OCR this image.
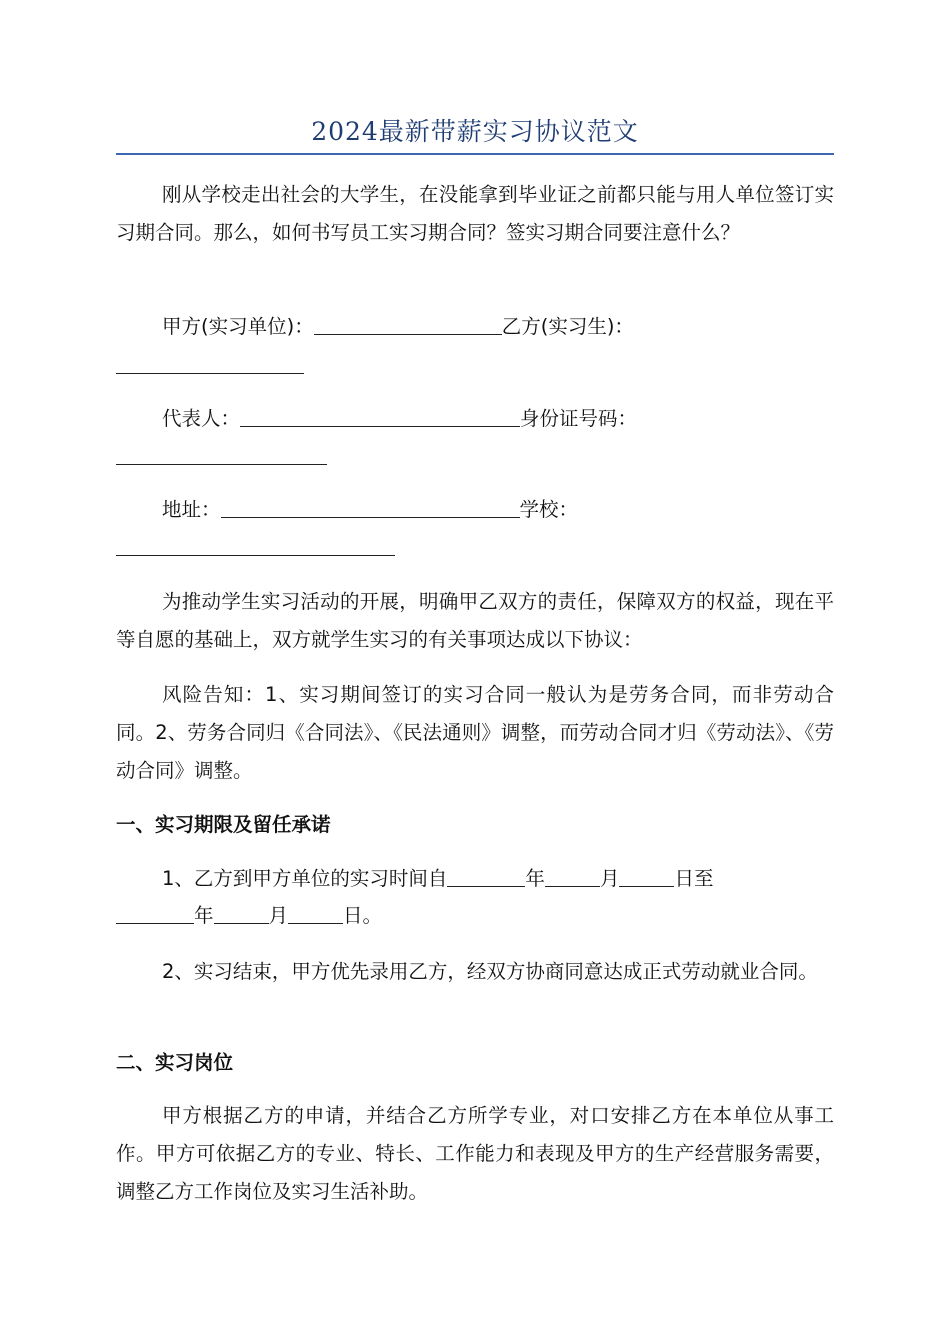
2024最新带薪实习协议范文
刚从学校走出社会的大学生，在没能拿到毕业证之前都只能与用人单位签订实习期合同。那么，如何书写员工实习期合同？签实习期合同要注意什么？
甲方(实习单位)：	乙方(实习生)：
代表人：	身份证号码：
地址：	学校：
为推动学生实习活动的开展，明确甲乙双方的责任，保障双方的权益，现在平等自愿的基础上，双方就学生实习的有关事项达成以下协议：
风险告知：1、实习期间签订的实习合同一般认为是劳务合同，而非劳动合同。2、劳务合同归《合同法》、《民法通则》调整，而劳动合同才归《劳动法》、《劳动合同》调整。
一、实习期限及留任承诺
1、乙方到甲方单位的实习时间自	年	月	日至
年	月	日。
2、实习结束，甲方优先录用乙方，经双方协商同意达成正式劳动就业合同。
二、实习岗位
甲方根据乙方的申请，并结合乙方所学专业，对口安排乙方在本单位从事工作。甲方可依据乙方的专业、特长、工作能力和表现及甲方的生产经营服务需要，调整乙方工作岗位及实习生活补助。
